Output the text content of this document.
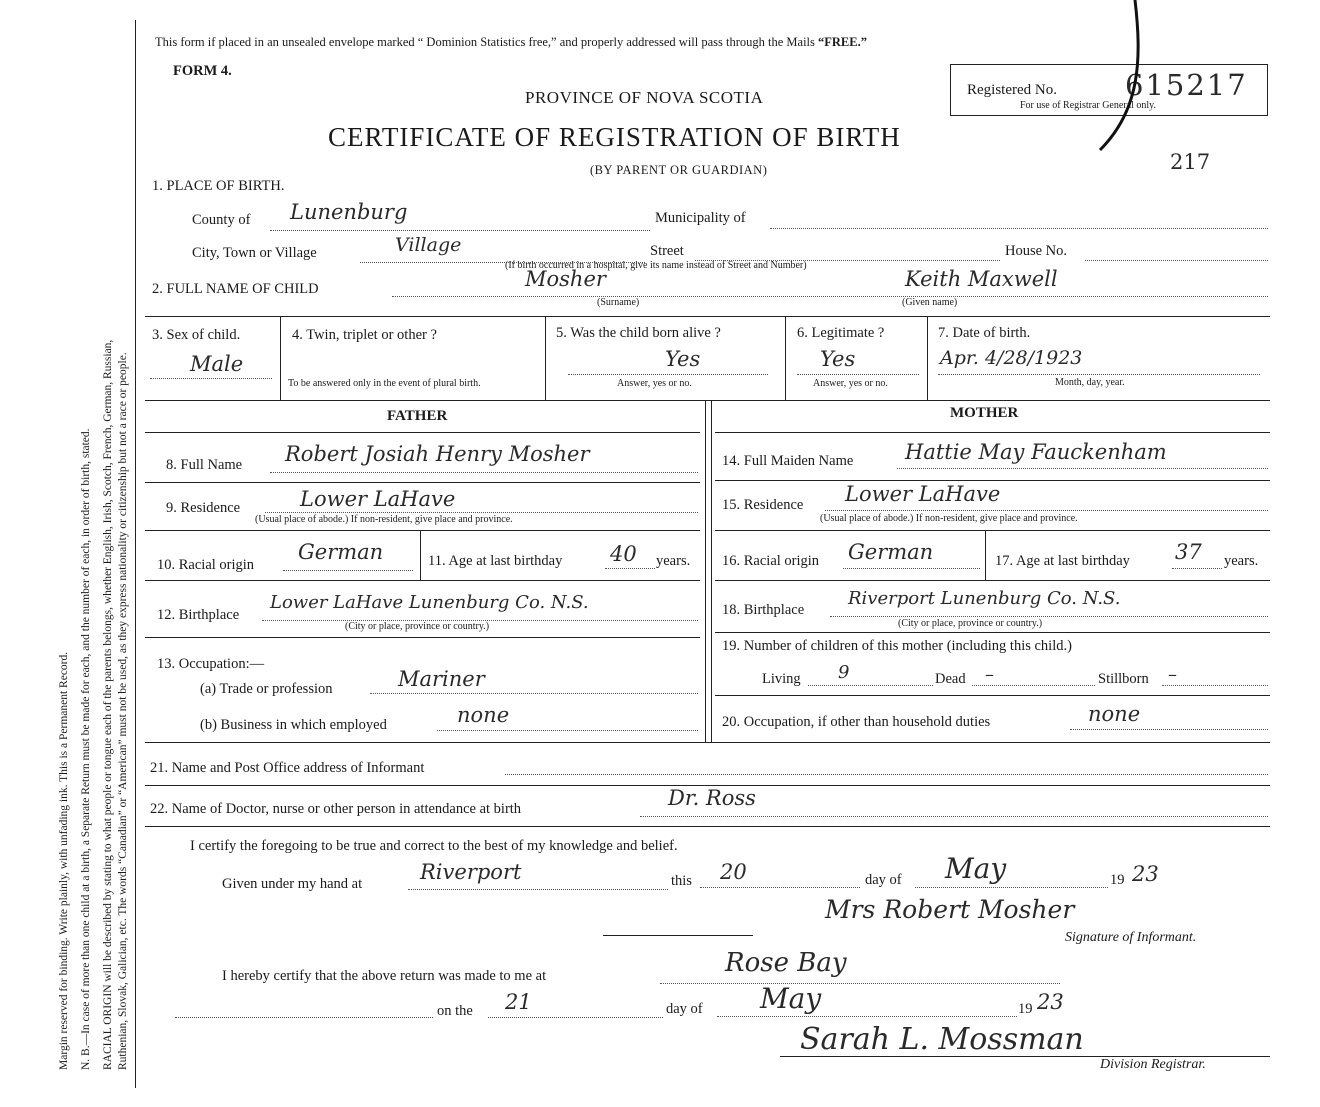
Margin reserved for binding. Write plainly, with unfading ink. This is a Permanent Record. N. B.—In case of more than one child at a birth, a Separate Return must be made for each, and the number of each, in order of birth, stated. RACIAL ORIGIN will be described by stating to what people or tongue each of the parents belongs, whether English, Irish, Scotch, French, German, Russian, Ruthenian, Slovak, Galician, etc. The words “Canadian” or “American” must not be used, as they express nationality or citizenship but not a race or people.
This form if placed in an unsealed envelope marked “ Dominion Statistics free,” and properly addressed will pass through the Mails “FREE.”
FORM 4.
PROVINCE OF NOVA SCOTIA
CERTIFICATE OF REGISTRATION OF BIRTH
(BY PARENT OR GUARDIAN)
Registered No.
For use of Registrar General only.
615217
217
1. PLACE OF BIRTH.
County of Lunenburg	Municipality of
City, Town or Village	Village	Street	House No.
(If birth occurred in a hospital, give its name instead of Street and Number)
2. FULL NAME OF CHILD	Mosher
(Surname)
Keith Maxwell
(Given name)
3. Sex of child.
Male
4. Twin, triplet or other ?
To be answered only in the event of plural birth.
5. Was the child born alive ?
Yes
Answer, yes or no.
6. Legitimate ?
Yes
Answer, yes or no.
7. Date of birth.
Apr. 4/28/1923
Month, day, year.
FATHER	MOTHER
8. Full Name Robert Josiah Henry Mosher
9. Residence	Lower LaHave
(Usual place of abode.) If non-resident, give place and province.
10. Racial origin
German	11. Age at last birthday 40 years.
12. Birthplace
Lower LaHave Lunenburg Co. N.S.
(City or place, province or country.)
13. Occupation:—
(a) Trade or profession	Mariner
(b) Business in which employed	none
14. Full Maiden Name Hattie May Fauckenham
15. Residence Lower LaHave
(Usual place of abode.) If non-resident, give place and province.
16. Racial origin German	17. Age at last birthday 37 years.
18. Birthplace
Riverport Lunenburg Co. N.S.
(City or place, province or country.)
19. Number of children of this mother (including this child.)
Living 9	Dead –	Stillborn –
20. Occupation, if other than household duties	none
21. Name and Post Office address of Informant
22. Name of Doctor, nurse or other person in attendance at birth	Dr. Ross
I certify the foregoing to be true and correct to the best of my knowledge and belief.
Given under my hand at	Riverport	this 20	day of May	19 23
Mrs Robert Mosher
Signature of Informant.
I hereby certify that the above return was made to me at	Rose Bay
on the 21	day of May	19 23
Sarah L. Mossman
Division Registrar.
